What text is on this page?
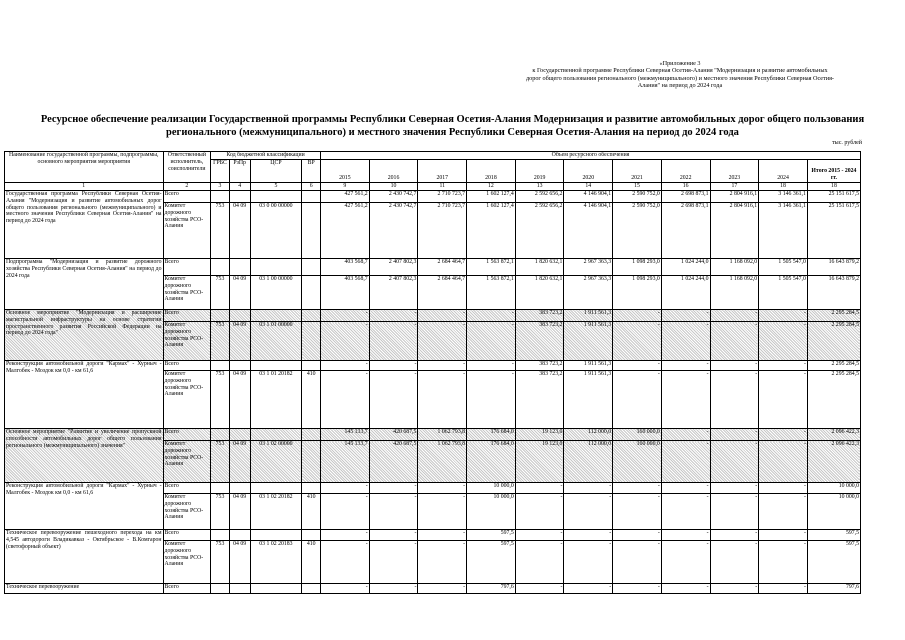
«Приложение 3
к Государственной программе Республики Северная Осетия-Алания "Модернизация и развитие автомобильных
дорог общего пользования регионального (межмуниципального) и местного значения Республики Северная Осетия-
Алания" на период до 2024 года
Ресурсное обеспечение реализации Государственной программы Республики Северная Осетия-Алания Модернизация и развитие автомобильных дорог общего пользования регионального (межмуниципального) и местного значения Республики Северная Осетия-Алания на период до 2024 года
тыс. рублей
Наименование государственной программы, подпрограммы, основного мероприятия мероприятия	Ответственный исполнитель, соисполнители	Код бюджетной классификации				Объем ресурсного обеспечения										
		ГРБС	РзПр	ЦСР	ВР	2015	2016	2017	2018	2019	2020	2021	2022	2023	2024	Итого 2015 - 2024 гг.
1	2	3	4	5	6	9	10	11	12	13	14	15	16	17	18	18
Государственная программа Республики Северная Осетия-Алания "Модернизация и развитие автомобильных дорог общего пользования регионального (межмуниципального) и местного значения Республики Северная Осетия-Алания" на период до 2024 года	Всего					427 561,2	2 430 742,7	2 710 723,7	1 602 127,4	2 592 656,2	4 146 904,1	2 590 752,0	2 698 873,1	2 804 916,1	3 146 361,1	25 151 617,5
	Комитет дорожного хозяйства РСО-Алания	753	04 09	03 0 00 00000		427 561,2	2 430 742,7	2 710 723,7	1 602 127,4	2 592 656,2	4 146 904,1	2 590 752,0	2 698 873,1	2 804 916,1	3 146 361,1	25 151 617,5
Подпрограмма "Модернизация и развитие дорожного хозяйства Республики Северная Осетия-Алания" на период до 2024 года	Всего					403 568,7	2 407 802,3	2 684 464,7	1 563 872,1	1 820 632,1	2 967 363,3	1 098 293,0	1 024 244,0	1 168 092,0	1 505 547,0	16 643 879,2
	Комитет дорожного хозяйства РСО-Алания	753	04 09	03 1 00 00000		403 568,7	2 407 802,3	2 684 464,7	1 563 872,1	1 820 632,1	2 967 363,3	1 098 293,0	1 024 244,0	1 168 092,0	1 505 547,0	16 643 879,2
Основное мероприятие "Модернизация и расширение магистральной инфраструктуры на основе стратегии пространственного развития Российской Федерации на период до 2024 года"	Всего					-	-	-	-	383 723,2	1 911 561,3	-	-	-	-	2 295 284,5
	Комитет дорожного хозяйства РСО-Алания	753	04 09	03 1 01 00000		-	-	-	-	383 723,2	1 911 561,3	-	-	-	-	2 295 284,5
Реконструкция автомобильной дороги "Кармах" - Хурныч - Малгобек - Моздок км 0,0 - км 61,6	Всего					-	-	-	-	383 723,2	1 911 561,3	-	-	-	-	2 295 284,5
	Комитет дорожного хозяйства РСО-Алания	753	04 09	03 1 01 20182	410	-	-	-	-	383 723,2	1 911 561,3	-	-	-	-	2 295 284,5
Основное мероприятие "Развитие и увеличение пропускной способности автомобильных дорог общего пользования регионального (межмуниципального) значения"	Всего					145 133,7	420 687,5	1 062 793,8	176 684,0	19 123,0	112 000,0	160 000,0	-	-	-	2 096 422,3
	Комитет дорожного хозяйства РСО-Алания	753	04 09	03 1 02 00000		145 133,7	420 687,5	1 062 793,8	176 684,0	19 123,0	112 000,0	160 000,0	-	-	-	2 096 422,3
Реконструкция автомобильной дороги "Кармах" - Хурныч - Малгобек - Моздок км 0,0 - км 61,6	Всего					-	-	-	10 000,0	-	-	-	-	-	-	10 000,0
	Комитет дорожного хозяйства РСО-Алания	753	04 09	03 1 02 20182	410	-	-	-	10 000,0	-	-	-	-	-	-	10 000,0
Техническое перевооружение пешеходного перехода на км 4,545 автодороги Владикавказ - Октябрьское - В.Комгарон (светофорный объект)	Всего					-	-	-	597,5	-	-	-	-	-	-	597,5
	Комитет дорожного хозяйства РСО-Алания	753	04 09	03 1 02 20183	410	-	-	-	597,5	-	-	-	-	-	-	597,5
Техническое перевооружение	Всего					-	-	-	797,6	-	-	-	-	-	-	797,6
